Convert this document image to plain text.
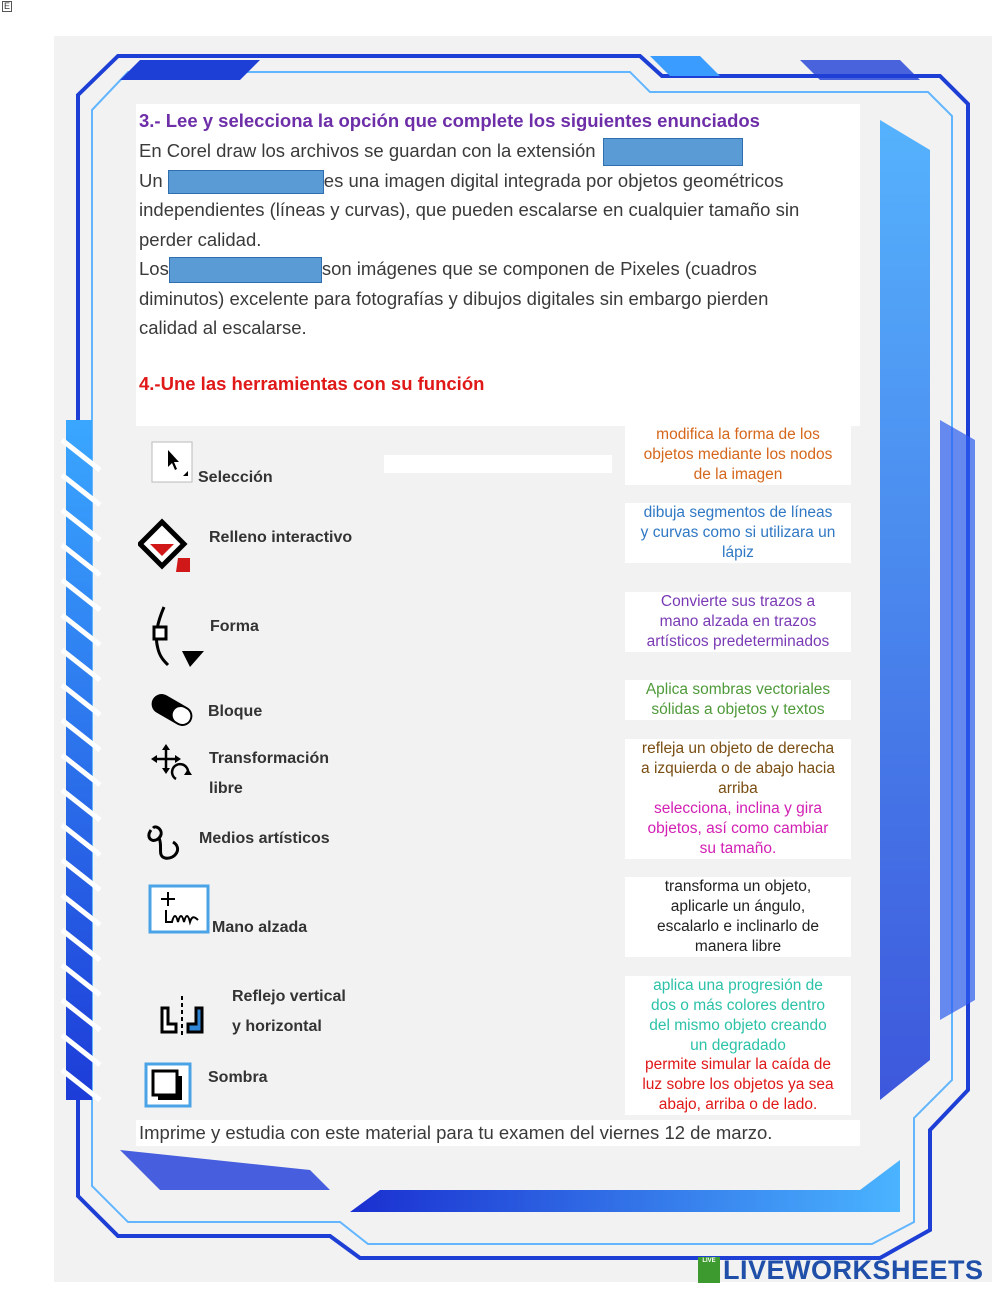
E
3.- Lee y selecciona la opción que complete los siguientes enunciados

En Corel draw los archivos se guardan con la extensión

Un	es una imagen digital integrada por objetos geométricos

independientes (líneas y curvas), que pueden escalarse en cualquier tamaño sin

perder calidad.

Los	son imágenes que se componen de Pixeles (cuadros

diminutos) excelente para fotografías y dibujos digitales sin embargo pierden

calidad al escalarse.

4.-Une las herramientas con su función
Selección
Relleno interactivo
Forma
Bloque
Transformación
libre
Medios artísticos
Mano alzada
Reflejo vertical
y horizontal
Sombra
modifica la forma de los
objetos mediante los nodos
de la imagen
dibuja segmentos de líneas
y curvas como si utilizara un
lápiz
Convierte sus trazos a
mano alzada en trazos
artísticos predeterminados
Aplica sombras vectoriales
sólidas a objetos y textos
refleja un objeto de derecha
a izquierda o de abajo hacia
arriba
selecciona, inclina y gira
objetos, así como cambiar
su tamaño.
transforma un objeto,
aplicarle un ángulo,
escalarlo e inclinarlo de
manera libre
aplica una progresión de
dos o más colores dentro
del mismo objeto creando
un degradado
permite simular la caída de
luz sobre los objetos ya sea
abajo, arriba o de lado.
Imprime y estudia con este material para tu examen del viernes 12 de marzo.
LIVE LIVEWORKSHEETS
